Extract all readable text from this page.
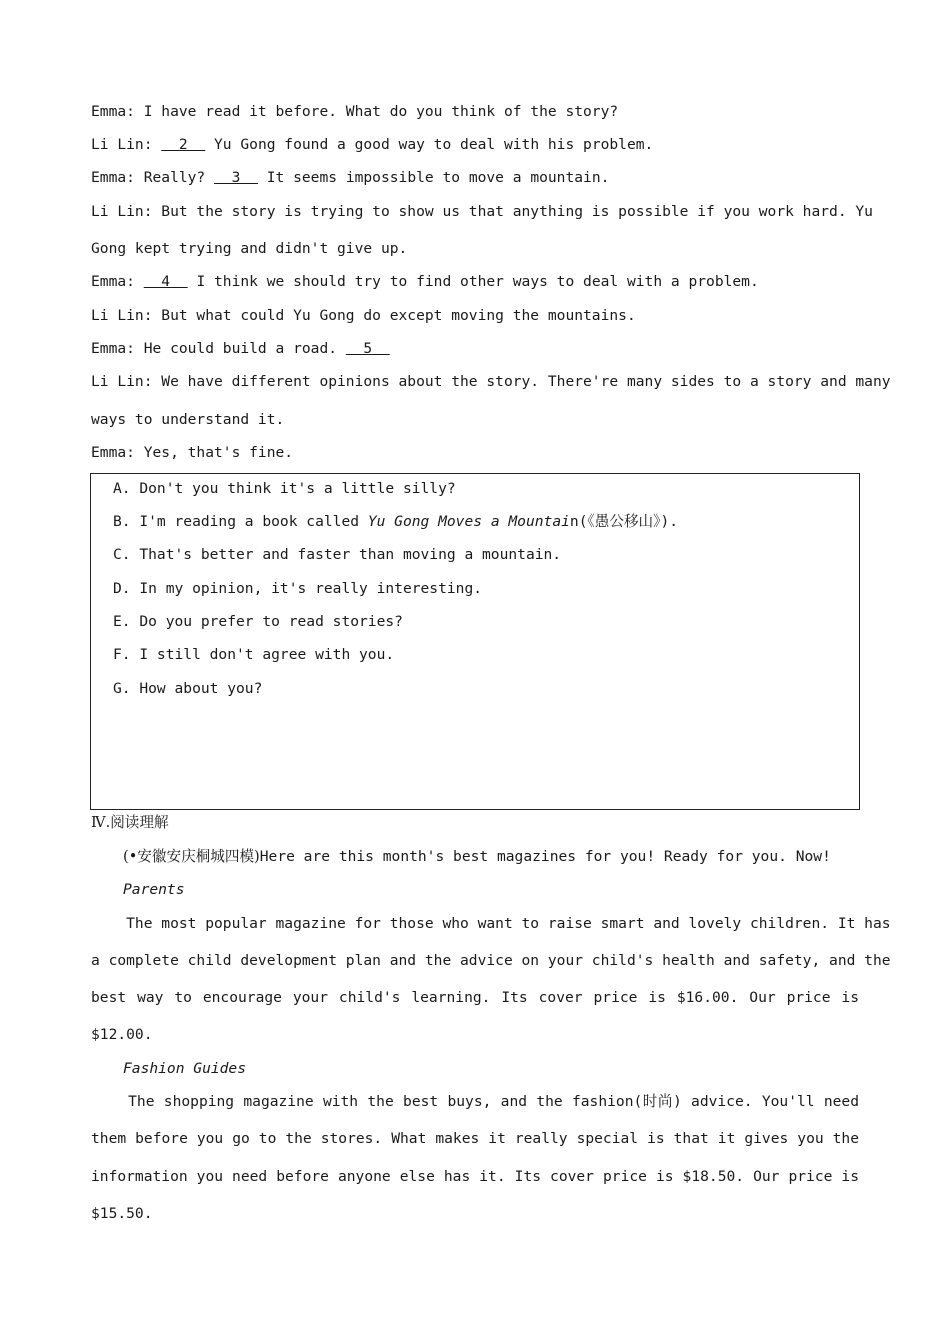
Emma: I have read it before. What do you think of the story?
Li Lin:   2   Yu Gong found a good way to deal with his problem.
Emma: Really?   3   It seems impossible to move a mountain.
Li Lin: But the story is trying to show us that anything is possible if you work hard. Yu
Gong kept trying and didn't give up.
Emma:   4   I think we should try to find other ways to deal with a problem.
Li Lin: But what could Yu Gong do except moving the mountains.
Emma: He could build a road.   5
Li Lin: We have different opinions about the story. There're many sides to a story and many
ways to understand it.
Emma: Yes, that's fine.
A. Don't you think it's a little silly?
B. I'm reading a book called Yu Gong Moves a Mountain(《愚公移山》).
C. That's better and faster than moving a mountain.
D. In my opinion, it's really interesting.
E. Do you prefer to read stories?
F. I still don't agree with you.
G. How about you?
Ⅳ.阅读理解
(•安徽安庆桐城四模)Here are this month's best magazines for you! Ready for you. Now!
Parents
The most popular magazine for those who want to raise smart and lovely children. It has
a complete child development plan and the advice on your child's health and safety, and the
best way to encourage your child's learning. Its cover price is $16.00. Our price is
$12.00.
Fashion Guides
The shopping magazine with the best buys, and the fashion(时尚) advice. You'll need
them before you go to the stores. What makes it really special is that it gives you the
information you need before anyone else has it. Its cover price is $18.50. Our price is
$15.50.
